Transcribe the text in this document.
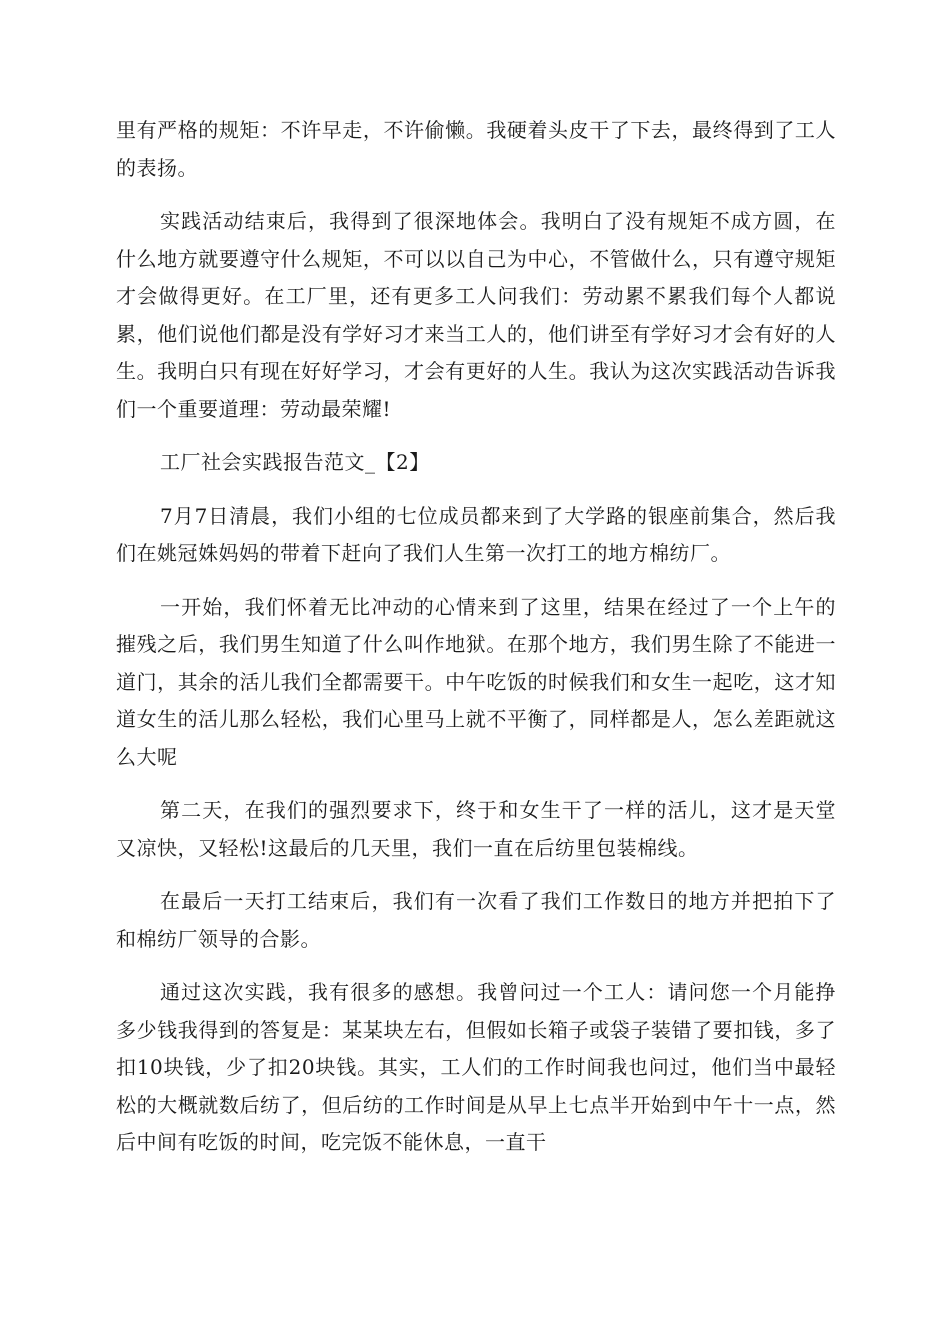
里有严格的规矩：不许早走，不许偷懒。我硬着头皮干了下去，最终得到了工人的表扬。

实践活动结束后，我得到了很深地体会。我明白了没有规矩不成方圆，在什么地方就要遵守什么规矩，不可以以自己为中心，不管做什么，只有遵守规矩才会做得更好。在工厂里，还有更多工人问我们：劳动累不累我们每个人都说累，他们说他们都是没有学好习才来当工人的，他们讲至有学好习才会有好的人生。我明白只有现在好好学习，才会有更好的人生。我认为这次实践活动告诉我们一个重要道理：劳动最荣耀!

工厂社会实践报告范文_【2】

7月7日清晨，我们小组的七位成员都来到了大学路的银座前集合，然后我们在姚冠姝妈妈的带着下赶向了我们人生第一次打工的地方棉纺厂。

一开始，我们怀着无比冲动的心情来到了这里，结果在经过了一个上午的摧残之后，我们男生知道了什么叫作地狱。在那个地方，我们男生除了不能进一道门，其余的活儿我们全都需要干。中午吃饭的时候我们和女生一起吃，这才知道女生的活儿那么轻松，我们心里马上就不平衡了，同样都是人，怎么差距就这么大呢

第二天，在我们的强烈要求下，终于和女生干了一样的活儿，这才是天堂又凉快，又轻松!这最后的几天里，我们一直在后纺里包装棉线。

在最后一天打工结束后，我们有一次看了我们工作数日的地方并把拍下了和棉纺厂领导的合影。

通过这次实践，我有很多的感想。我曾问过一个工人：请问您一个月能挣多少钱我得到的答复是：某某块左右，但假如长箱子或袋子装错了要扣钱，多了扣10块钱，少了扣20块钱。其实，工人们的工作时间我也问过，他们当中最轻松的大概就数后纺了，但后纺的工作时间是从早上七点半开始到中午十一点，然后中间有吃饭的时间，吃完饭不能休息，一直干
